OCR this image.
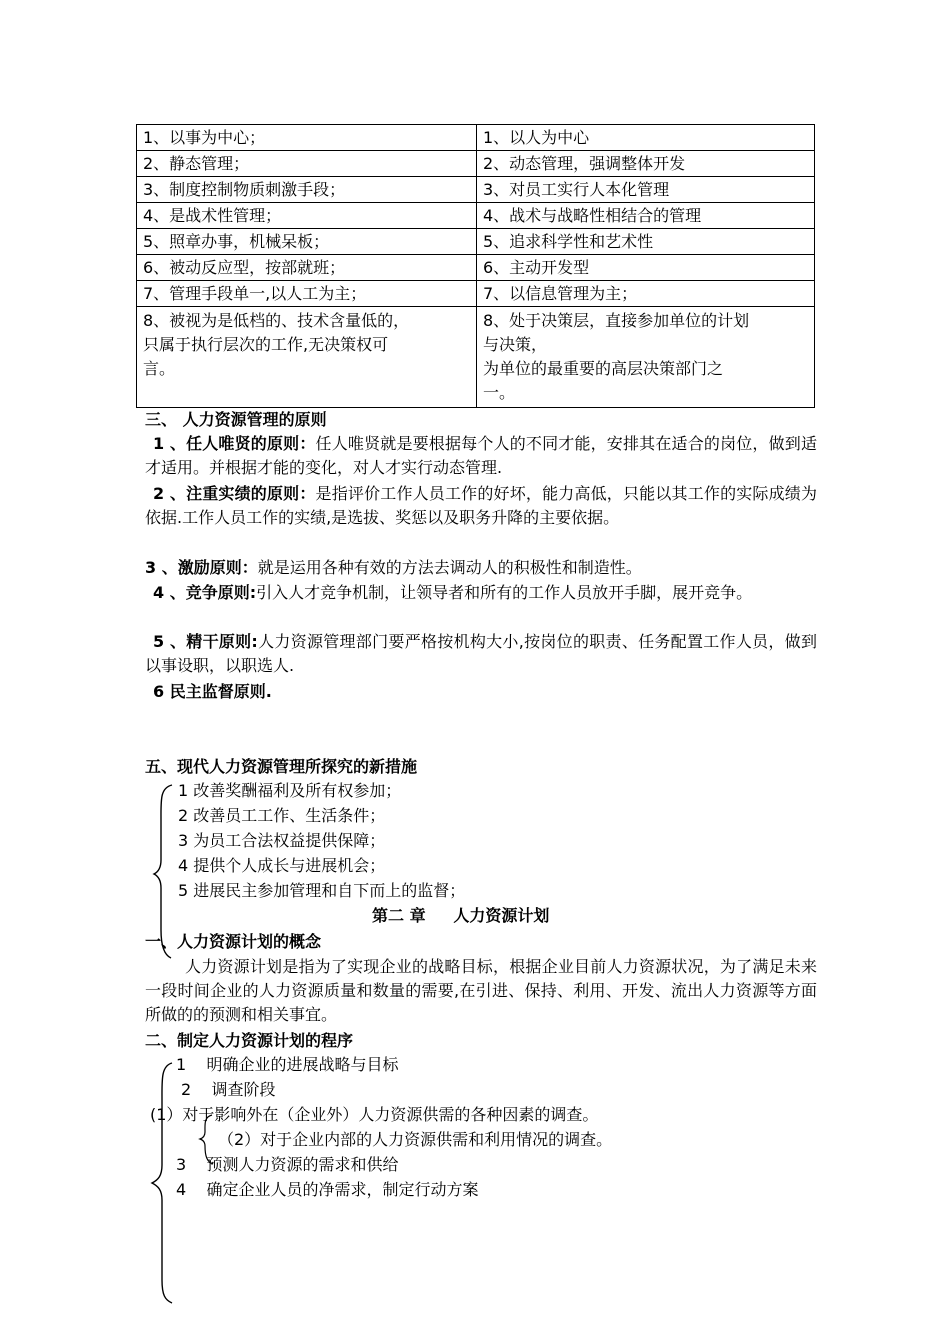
1、以事为中心；	1、以人为中心

2、静态管理；	2、动态管理，强调整体开发

3、制度控制物质刺激手段；	3、对员工实行人本化管理

4、是战术性管理；	4、战术与战略性相结合的管理

5、照章办事，机械呆板；	5、追求科学性和艺术性

6、被动反应型，按部就班；	6、主动开发型

7、管理手段单一,以人工为主；	7、以信息管理为主；

8、被视为是低档的、技术含量低的，
只属于执行层次的工作,无决策权可
言。	8、处于决策层，直接参加单位的计划
与决策，
为单位的最重要的高层决策部门之
一。
三、 人力资源管理的原则
1 、任人唯贤的原则：任人唯贤就是要根据每个人的不同才能，安排其在适合的岗位，做到适才适用。并根据才能的变化，对人才实行动态管理.
2 、注重实绩的原则：是指评价工作人员工作的好坏，能力高低，只能以其工作的实际成绩为依据.工作人员工作的实绩,是选拔、奖惩以及职务升降的主要依据。
3 、激励原则：就是运用各种有效的方法去调动人的积极性和制造性。
4 、竞争原则:引入人才竞争机制，让领导者和所有的工作人员放开手脚，展开竞争。
5 、精干原则:人力资源管理部门要严格按机构大小,按岗位的职责、任务配置工作人员，做到以事设职，以职选人.
6 民主监督原则.
五、现代人力资源管理所探究的新措施
1 改善奖酬福利及所有权参加；
2 改善员工工作、生活条件；
3 为员工合法权益提供保障；
4 提供个人成长与进展机会；
5 进展民主参加管理和自下而上的监督；
第二 章     人力资源计划
一、人力资源计划的概念
人力资源计划是指为了实现企业的战略目标，根据企业目前人力资源状况，为了满足未来一段时间企业的人力资源质量和数量的需要,在引进、保持、利用、开发、流出人力资源等方面所做的的预测和相关事宜。
二、制定人力资源计划的程序
1    明确企业的进展战略与目标
2    调查阶段
(1）对于影响外在（企业外）人力资源供需的各种因素的调查。
（2）对于企业内部的人力资源供需和利用情况的调查。
3    预测人力资源的需求和供给
4    确定企业人员的净需求，制定行动方案
